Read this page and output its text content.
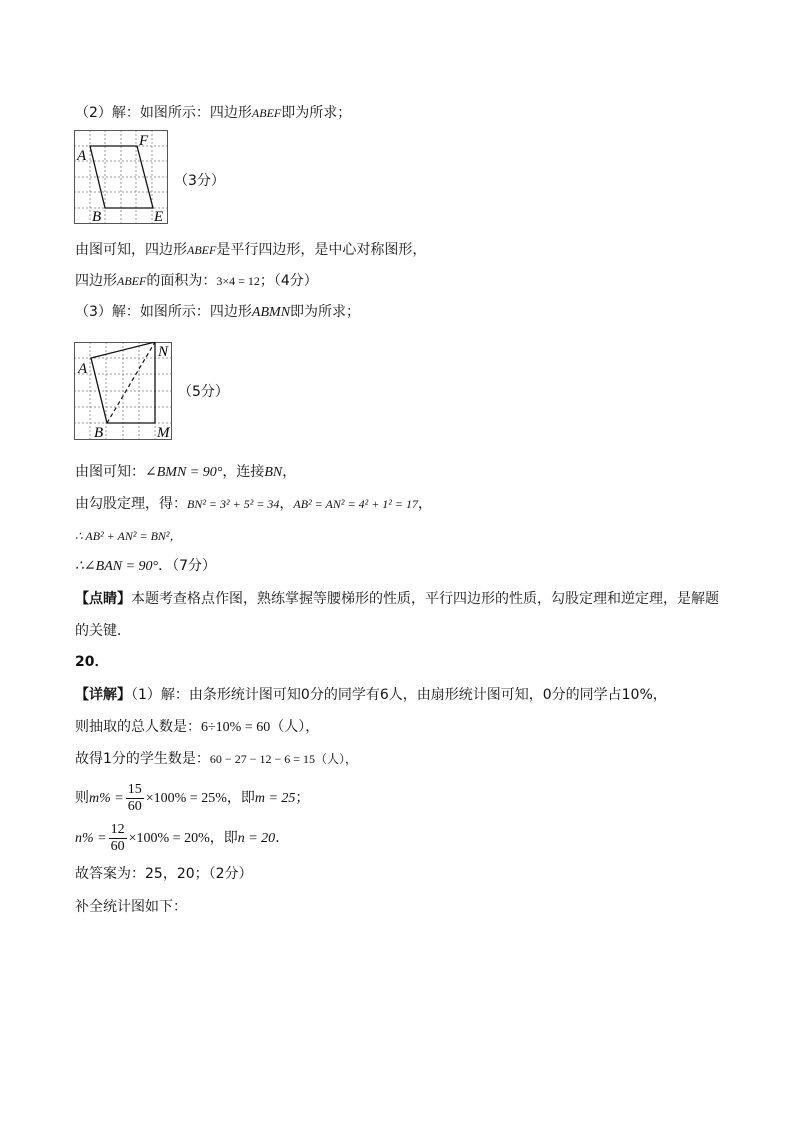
（2）解：如图所示：四边形ABEF即为所求；
A
F
B	E
（3分）
由图可知，四边形ABEF是平行四边形，是中心对称图形，
四边形ABEF的面积为：3×4 = 12；（4分）
（3）解：如图所示：四边形ABMN即为所求；
A
N
B	M
（5分）
由图可知：∠BMN = 90°，连接BN，
由勾股定理，得：BN² = 3² + 5² = 34，AB² = AN² = 4² + 1² = 17，
∴ AB² + AN² = BN²，
∴∠BAN = 90°．（7分）
【点睛】本题考查格点作图，熟练掌握等腰梯形的性质，平行四边形的性质，勾股定理和逆定理，是解题
的关键．
20．
【详解】（1）解：由条形统计图可知0分的同学有6人，由扇形统计图可知，0分的同学占10%，
则抽取的总人数是：6÷10% = 60（人），
故得1分的学生数是：60 − 27 − 12 − 6 = 15（人），
则$m\% = \frac{15}{60} \times 100\% = 25\%$，即m = 25；
$n\% = \frac{12}{60} \times 100\% = 20\%$，即n = 20．
故答案为：25，20；（2分）
补全统计图如下：
